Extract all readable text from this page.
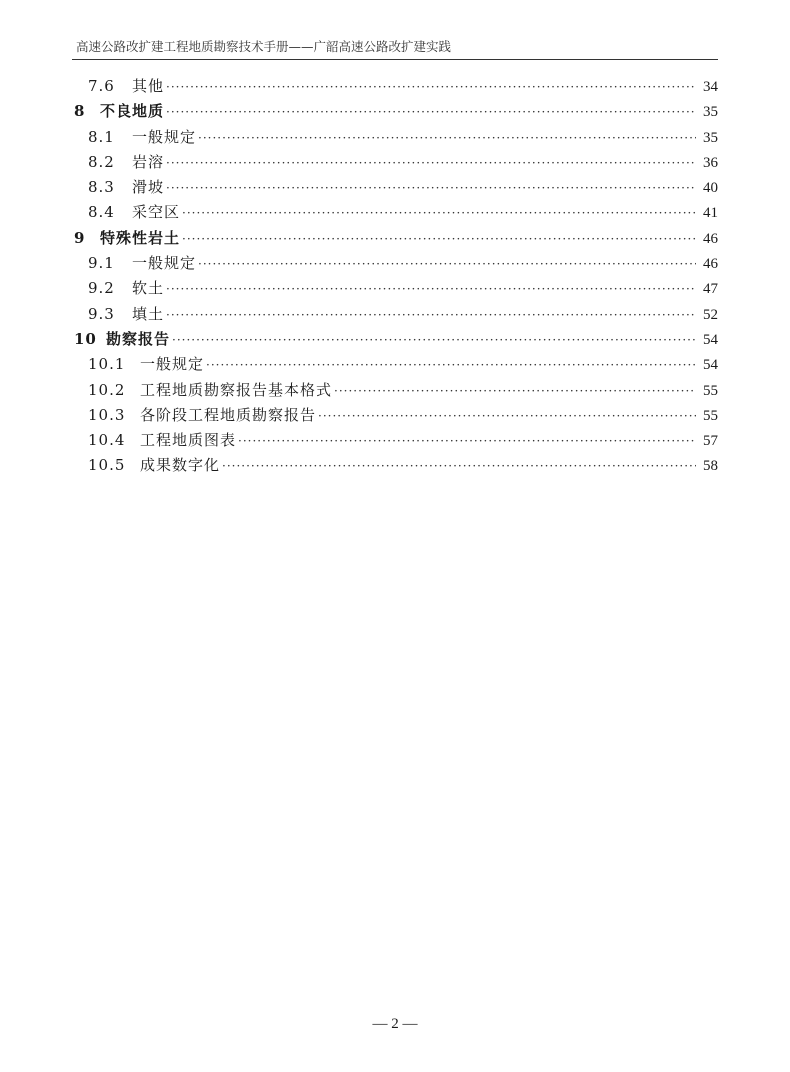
高速公路改扩建工程地质勘察技术手册——广韶高速公路改扩建实践
7.6	其他 ·····	34
8 不良地质 ·····	35
8.1	一般规定 ·····	35
8.2	岩溶 ·····	36
8.3	滑坡 ·····	40
8.4	采空区 ·····	41
9 特殊性岩土 ·····	46
9.1	一般规定 ·····	46
9.2	软土 ·····	47
9.3	填土 ·····	52
10 勘察报告 ·····	54
10.1 一般规定 ·····	54
10.2 工程地质勘察报告基本格式 ·····	55
10.3 各阶段工程地质勘察报告 ·····	55
10.4 工程地质图表 ·····	57
10.5 成果数字化 ·····	58
— 2 —
